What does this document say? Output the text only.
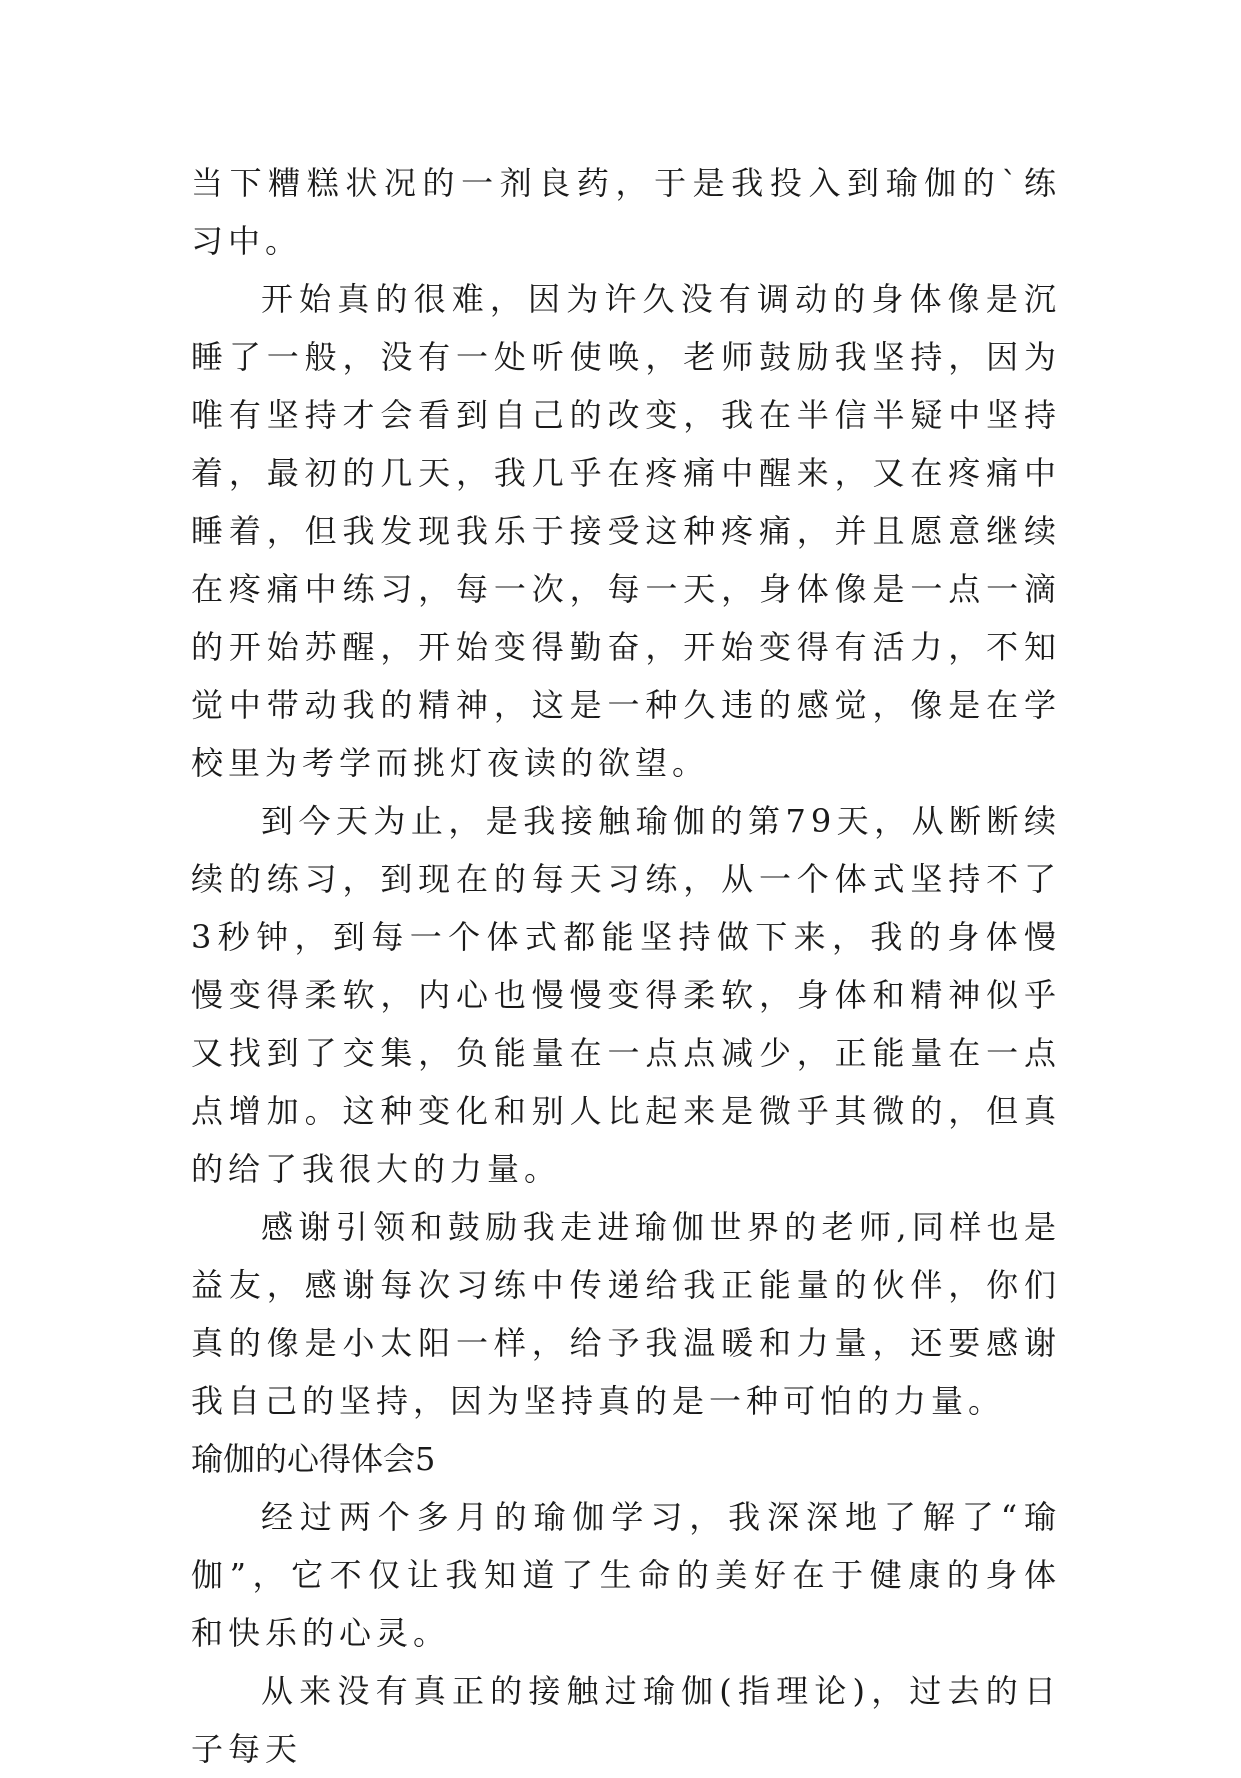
当下糟糕状况的一剂良药，于是我投入到瑜伽的`练习中。

开始真的很难，因为许久没有调动的身体像是沉睡了一般，没有一处听使唤，老师鼓励我坚持，因为唯有坚持才会看到自己的改变，我在半信半疑中坚持着，最初的几天，我几乎在疼痛中醒来，又在疼痛中睡着，但我发现我乐于接受这种疼痛，并且愿意继续在疼痛中练习，每一次，每一天，身体像是一点一滴的开始苏醒，开始变得勤奋，开始变得有活力，不知觉中带动我的精神，这是一种久违的感觉，像是在学校里为考学而挑灯夜读的欲望。

到今天为止，是我接触瑜伽的第79天，从断断续续的练习，到现在的每天习练，从一个体式坚持不了3秒钟，到每一个体式都能坚持做下来，我的身体慢慢变得柔软，内心也慢慢变得柔软，身体和精神似乎又找到了交集，负能量在一点点减少，正能量在一点点增加。这种变化和别人比起来是微乎其微的，但真的给了我很大的力量。

感谢引领和鼓励我走进瑜伽世界的老师,同样也是益友，感谢每次习练中传递给我正能量的伙伴，你们真的像是小太阳一样，给予我温暖和力量，还要感谢我自己的坚持，因为坚持真的是一种可怕的力量。

瑜伽的心得体会5

经过两个多月的瑜伽学习，我深深地了解了“瑜伽”，它不仅让我知道了生命的美好在于健康的身体和快乐的心灵。

从来没有真正的接触过瑜伽(指理论)，过去的日子每天
